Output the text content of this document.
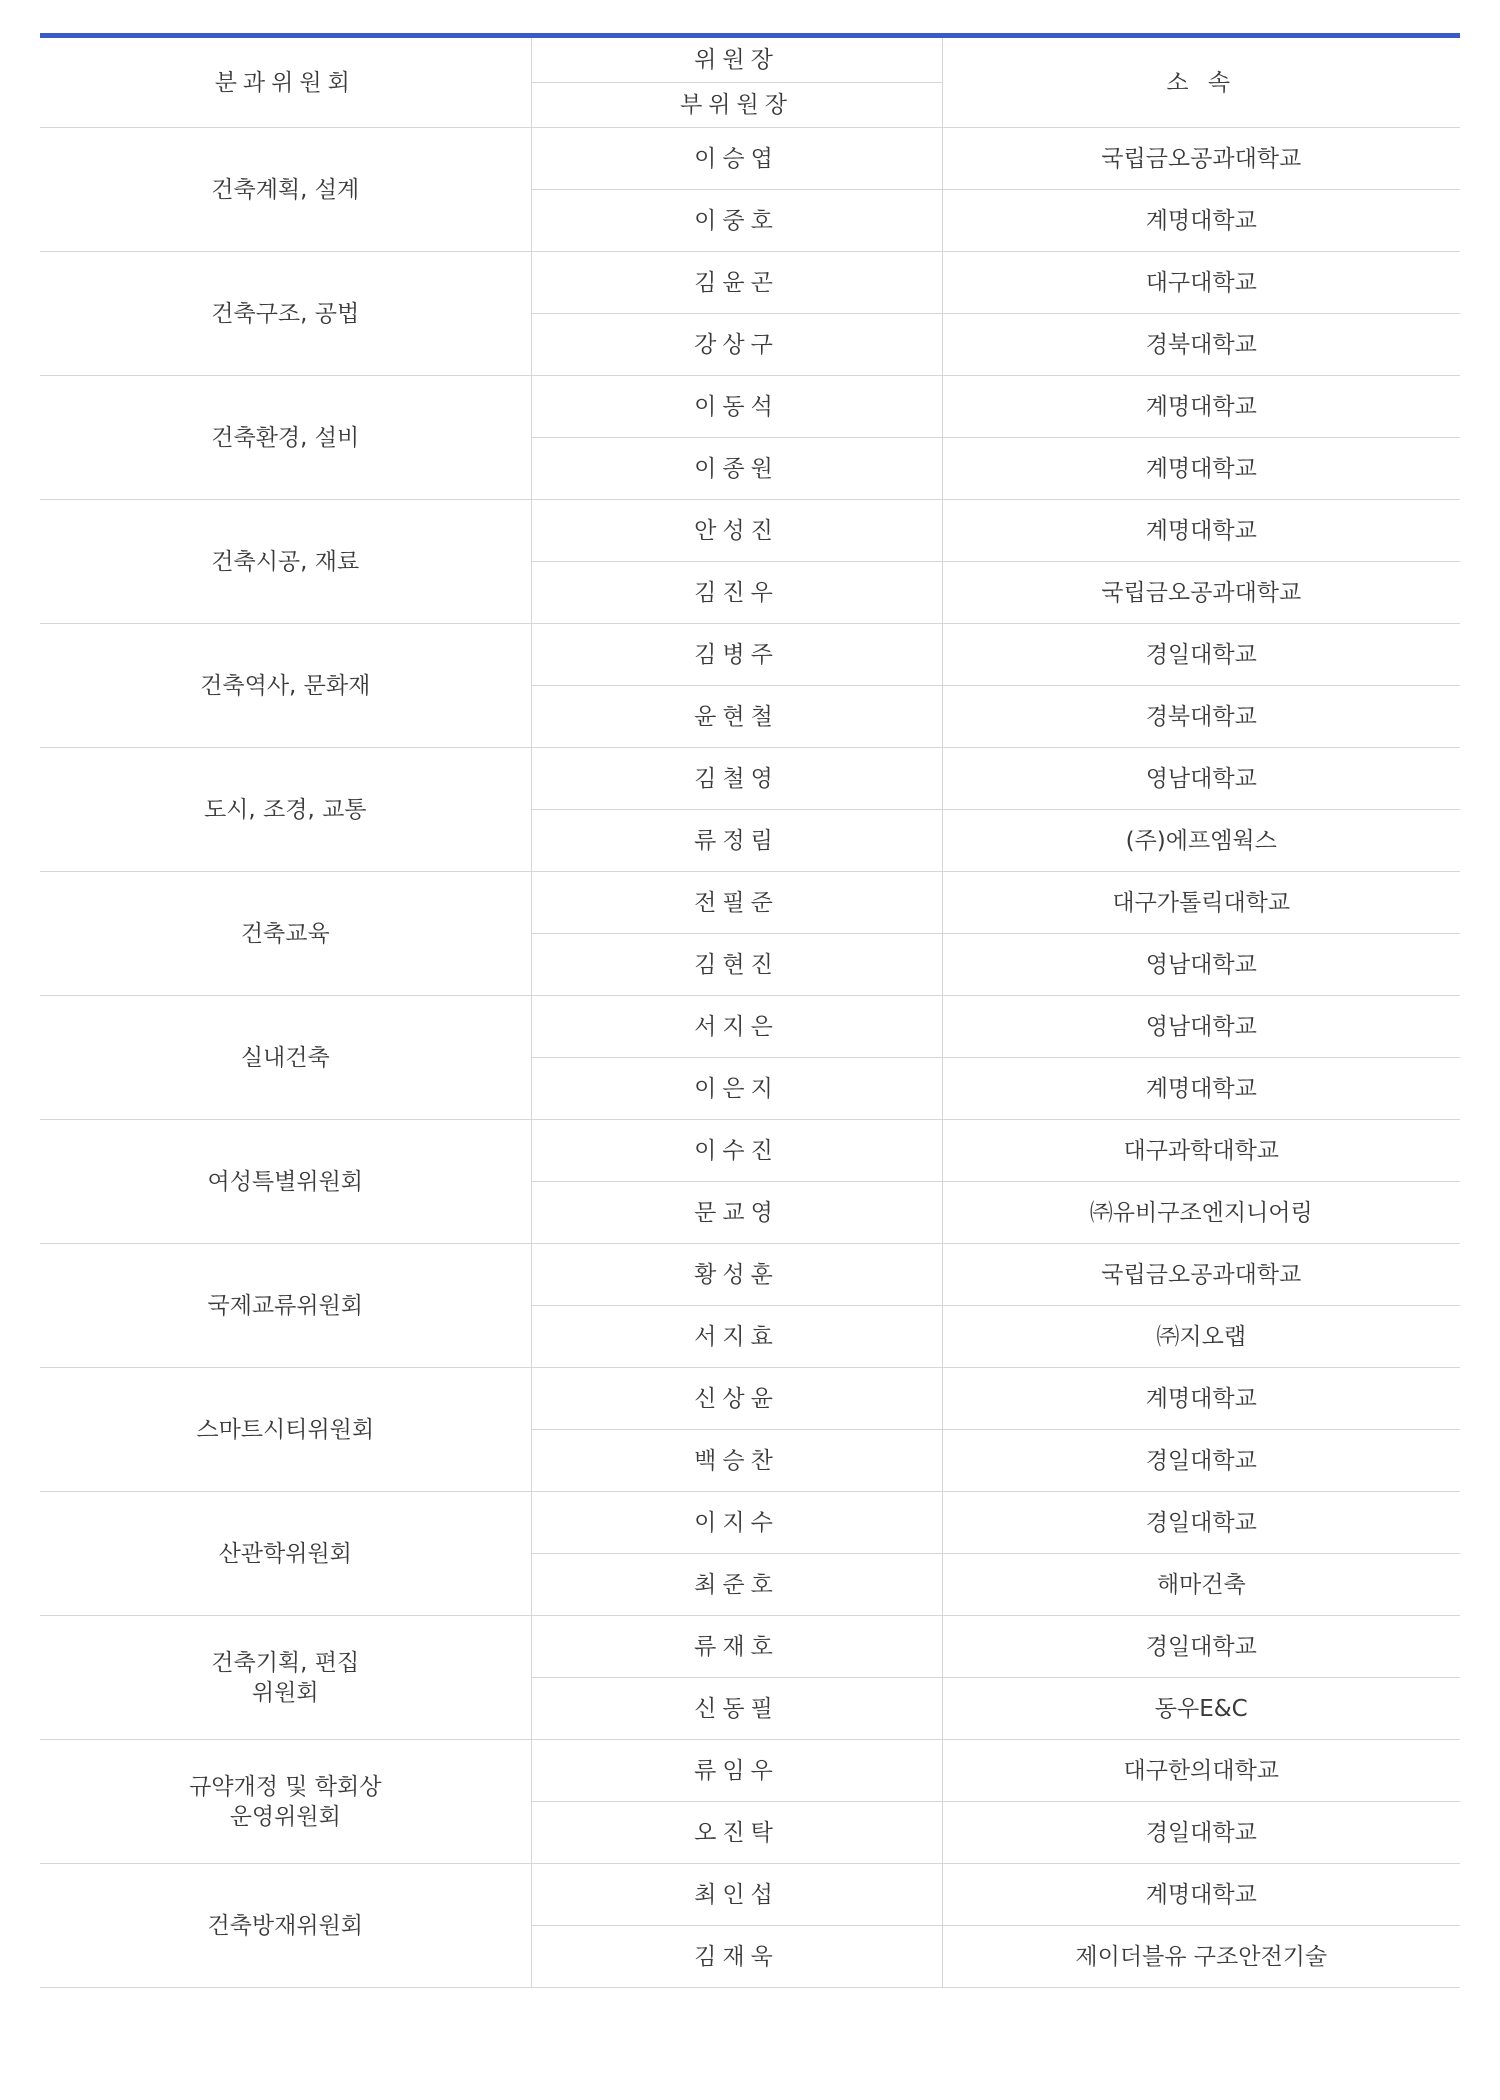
분과위원회	위원장	소 속
	부위원장	
건축계획, 설계	이승엽	국립금오공과대학교
	이중호	계명대학교
건축구조, 공법	김윤곤	대구대학교
	강상구	경북대학교
건축환경, 설비	이동석	계명대학교
	이종원	계명대학교
건축시공, 재료	안성진	계명대학교
	김진우	국립금오공과대학교
건축역사, 문화재	김병주	경일대학교
	윤현철	경북대학교
도시, 조경, 교통	김철영	영남대학교
	류정림	(주)에프엠웍스
건축교육	전필준	대구가톨릭대학교
	김현진	영남대학교
실내건축	서지은	영남대학교
	이은지	계명대학교
여성특별위원회	이수진	대구과학대학교
	문교영	㈜유비구조엔지니어링
국제교류위원회	황성훈	국립금오공과대학교
	서지효	㈜지오랩
스마트시티위원회	신상윤	계명대학교
	백승찬	경일대학교
산관학위원회	이지수	경일대학교
	최준호	해마건축
건축기획, 편집
위원회	류재호	경일대학교
	신동필	동우E&C
규약개정 및 학회상
운영위원회	류임우	대구한의대학교
	오진탁	경일대학교
건축방재위원회	최인섭	계명대학교
	김재욱	제이더블유 구조안전기술
